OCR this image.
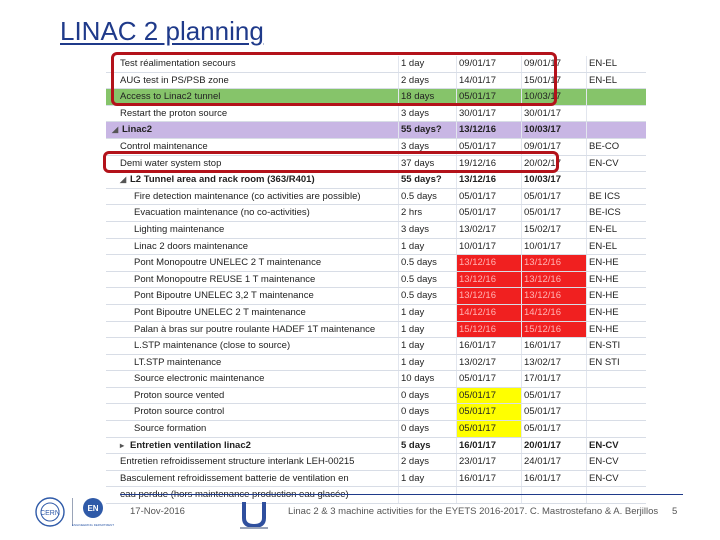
LINAC 2 planning
Test réalimentation secours	1 day	09/01/17	09/01/17	EN-EL
AUG test in PS/PSB zone	2 days	14/01/17	15/01/17	EN-EL
Access to Linac2 tunnel	18 days	05/01/17	10/03/17	
Restart the proton source	3 days	30/01/17	30/01/17	
◢ Linac2	55 days?	13/12/16	10/03/17	
Control maintenance	3 days	05/01/17	09/01/17	BE-CO
Demi water system stop	37 days	19/12/16	20/02/17	EN-CV
◢ L2 Tunnel area and rack room (363/R401)	55 days?	13/12/16	10/03/17	
Fire detection maintenance (co activities are possible)	0.5 days	05/01/17	05/01/17	BE ICS
Evacuation maintenance (no co-activities)	2 hrs	05/01/17	05/01/17	BE-ICS
Lighting maintenance	3 days	13/02/17	15/02/17	EN-EL
Linac 2 doors maintenance	1 day	10/01/17	10/01/17	EN-EL
Pont Monopoutre UNELEC 2 T maintenance	0.5 days	13/12/16	13/12/16	EN-HE
Pont Monopoutre REUSE 1 T maintenance	0.5 days	13/12/16	13/12/16	EN-HE
Pont Bipoutre UNELEC 3,2 T maintenance	0.5 days	13/12/16	13/12/16	EN-HE
Pont Bipoutre UNELEC 2 T maintenance	1 day	14/12/16	14/12/16	EN-HE
Palan à bras sur poutre roulante HADEF 1T maintenance	1 day	15/12/16	15/12/16	EN-HE
L.STP maintenance (close to source)	1 day	16/01/17	16/01/17	EN-STI
LT.STP maintenance	1 day	13/02/17	13/02/17	EN STI
Source electronic maintenance	10 days	05/01/17	17/01/17	
Proton source vented	0 days	05/01/17	05/01/17	
Proton source control	0 days	05/01/17	05/01/17	
Source formation	0 days	05/01/17	05/01/17	
▸ Entretien ventilation linac2	5 days	16/01/17	20/01/17	EN-CV
Entretien refroidissement structure interlank LEH-00215	2 days	23/01/17	24/01/17	EN-CV
Basculement refroidissement batterie de ventilation en	1 day	16/01/17	16/01/17	EN-CV

CERN
EN
ENGINEERING DEPARTMENT
17-Nov-2016	Linac 2 & 3 machine activities for the EYETS 2016-2017. C. Mastrostefano & A. Berjillos 5
